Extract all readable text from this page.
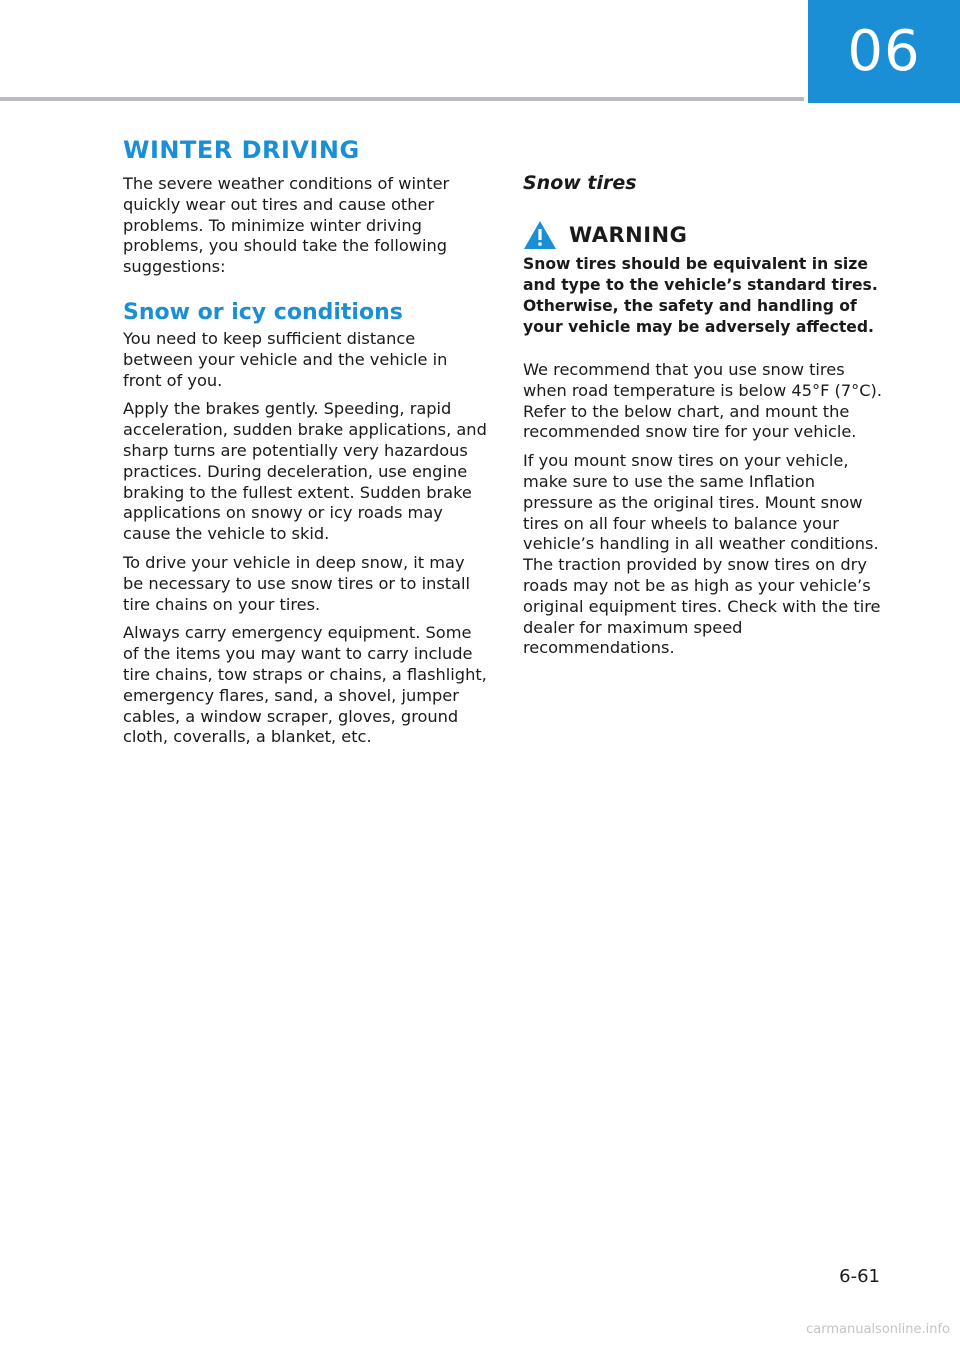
06
WINTER DRIVING

The severe weather conditions of winter quickly wear out tires and cause other problems. To minimize winter driving problems, you should take the following suggestions:

Snow or icy conditions

You need to keep sufficient distance between your vehicle and the vehicle in front of you.

Apply the brakes gently. Speeding, rapid acceleration, sudden brake applications, and sharp turns are potentially very hazardous practices. During deceleration, use engine braking to the fullest extent. Sudden brake applications on snowy or icy roads may cause the vehicle to skid.

To drive your vehicle in deep snow, it may be necessary to use snow tires or to install tire chains on your tires.

Always carry emergency equipment. Some of the items you may want to carry include tire chains, tow straps or chains, a flashlight, emergency flares, sand, a shovel, jumper cables, a window scraper, gloves, ground cloth, coveralls, a blanket, etc.

Snow tires
WARNING

Snow tires should be equivalent in size and type to the vehicle’s standard tires. Otherwise, the safety and handling of your vehicle may be adversely affected.

We recommend that you use snow tires when road temperature is below 45°F (7°C). Refer to the below chart, and mount the recommended snow tire for your vehicle.

If you mount snow tires on your vehicle, make sure to use the same Inflation pressure as the original tires. Mount snow tires on all four wheels to balance your vehicle’s handling in all weather conditions. The traction provided by snow tires on dry roads may not be as high as your vehicle’s original equipment tires. Check with the tire dealer for maximum speed recommendations.

6-61
carmanualsonline.info
